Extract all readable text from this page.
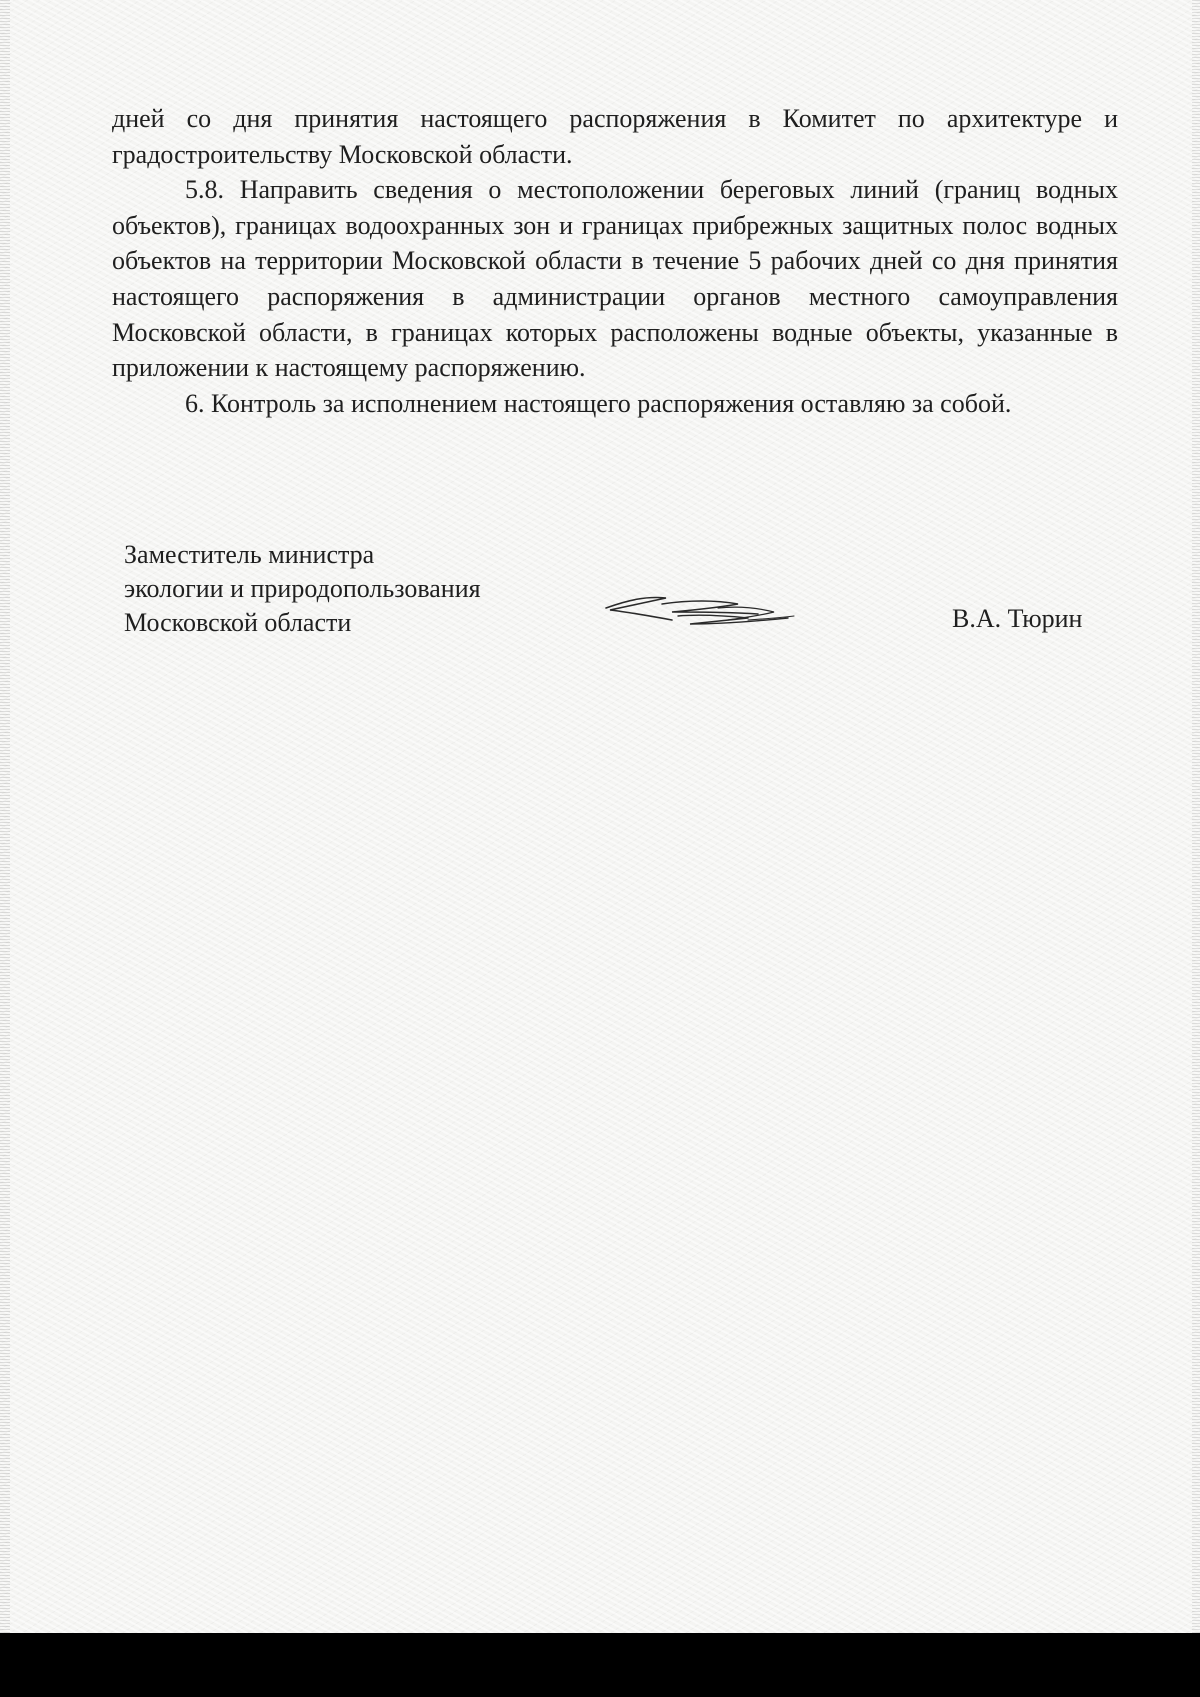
дней со дня принятия настоящего распоряжения в Комитет по архитектуре и градостроительству Московской области.

5.8. Направить сведения о местоположении береговых линий (границ водных объектов), границах водоохранных зон и границах прибрежных защитных полос водных объектов на территории Московской области в течение 5 рабочих дней со дня принятия настоящего распоряжения в администрации органов местного самоуправления Московской области, в границах которых расположены водные объекты, указанные в приложении к настоящему распоряжению.

6. Контроль за исполнением настоящего распоряжения оставляю за собой.

Заместитель министра
экологии и природопользования
Московской области	В.А. Тюрин
